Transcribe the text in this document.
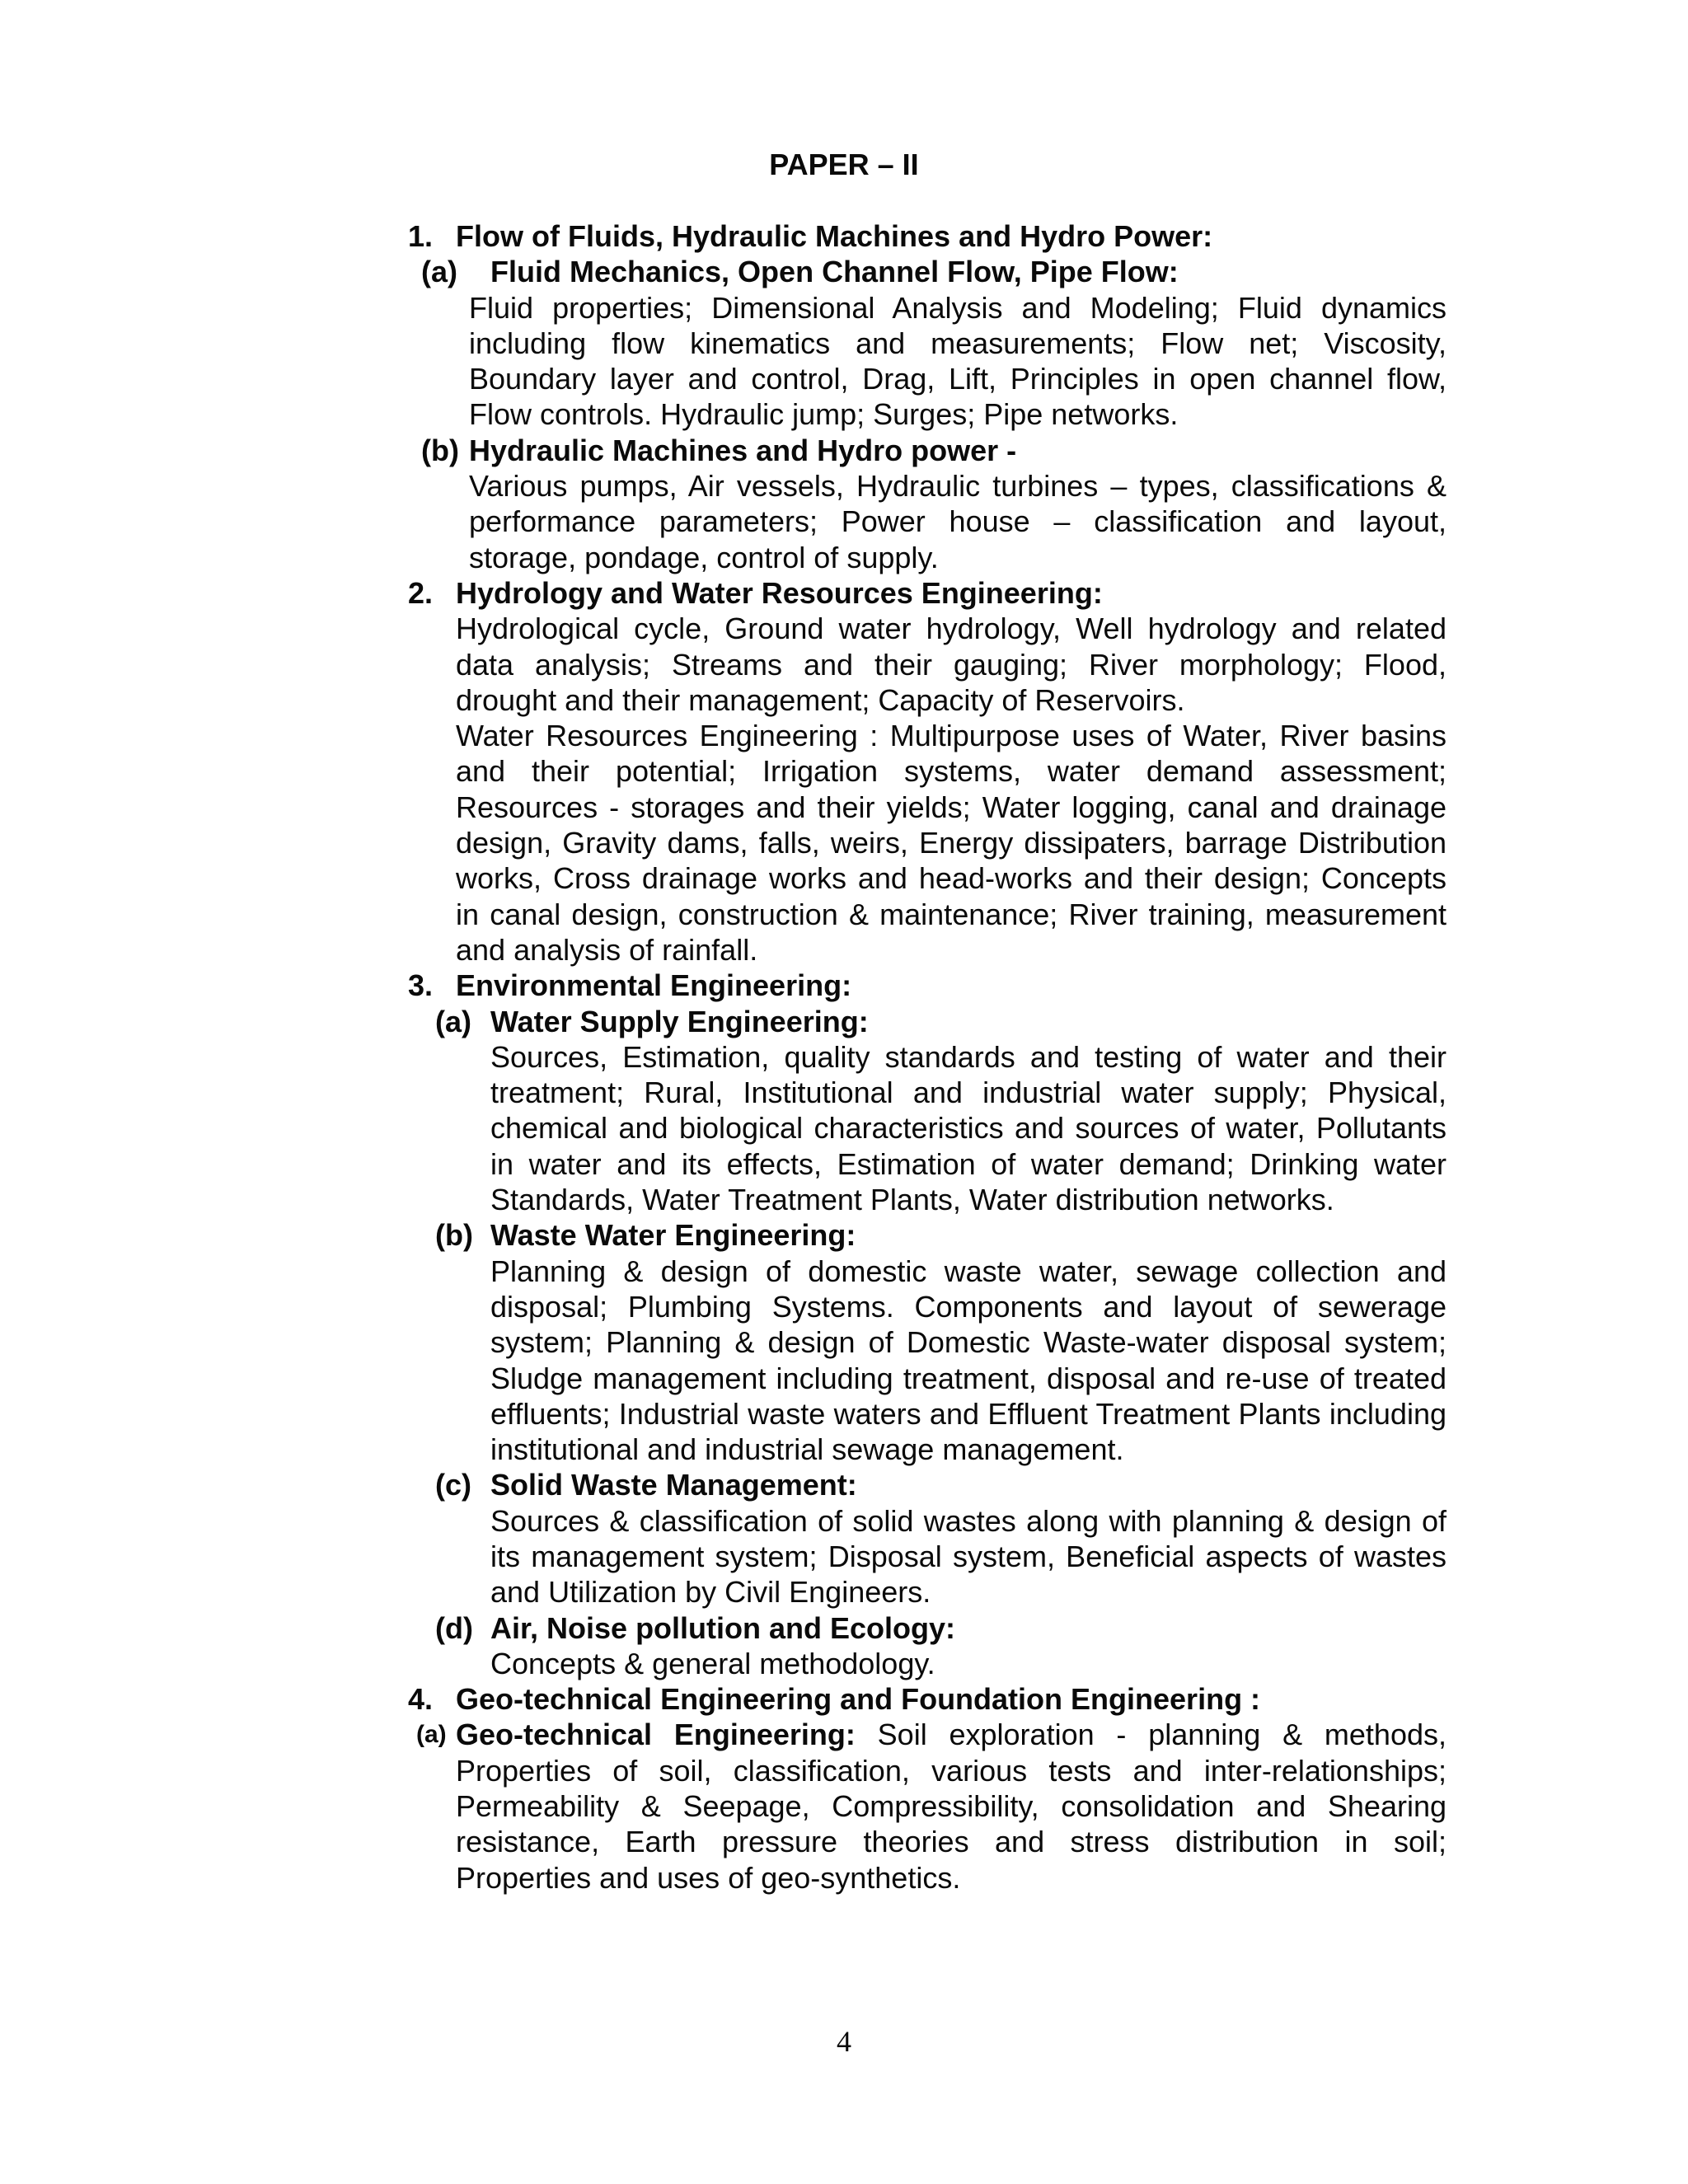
PAPER – II
1. Flow of Fluids, Hydraulic Machines and Hydro Power:
(a)	Fluid Mechanics, Open Channel Flow, Pipe Flow:
Fluid properties; Dimensional Analysis and Modeling; Fluid dynamics including flow kinematics and measurements; Flow net; Viscosity, Boundary layer and control, Drag, Lift, Principles in open channel flow, Flow controls. Hydraulic jump; Surges; Pipe networks.
(b) Hydraulic Machines and Hydro power -
Various pumps, Air vessels, Hydraulic turbines – types, classifications & performance parameters; Power house – classification and layout, storage, pondage, control of supply.
2. Hydrology and Water Resources Engineering:
Hydrological cycle, Ground water hydrology, Well hydrology and related data analysis; Streams and their gauging; River morphology; Flood, drought and their management; Capacity of Reservoirs.
Water Resources Engineering : Multipurpose uses of Water, River basins and their potential; Irrigation systems, water demand assessment; Resources - storages and their yields; Water logging, canal and drainage design, Gravity dams, falls, weirs, Energy dissipaters, barrage Distribution works, Cross drainage works and head-works and their design; Concepts in canal design, construction & maintenance; River training, measurement and analysis of rainfall.
3. Environmental Engineering:
(a) Water Supply Engineering:
Sources, Estimation, quality standards and testing of water and their treatment; Rural, Institutional and industrial water supply; Physical, chemical and biological characteristics and sources of water, Pollutants in water and its effects, Estimation of water demand; Drinking water Standards, Water Treatment Plants, Water distribution networks.
(b) Waste Water Engineering:
Planning & design of domestic waste water, sewage collection and disposal; Plumbing Systems. Components and layout of sewerage system; Planning & design of Domestic Waste-water disposal system; Sludge management including treatment, disposal and re-use of treated effluents; Industrial waste waters and Effluent Treatment Plants including institutional and industrial sewage management.
(c) Solid Waste Management:
Sources & classification of solid wastes along with planning & design of its management system; Disposal system, Beneficial aspects of wastes and Utilization by Civil Engineers.
(d) Air, Noise pollution and Ecology:
Concepts & general methodology.
4. Geo-technical Engineering and Foundation Engineering :
(a) Geo-technical Engineering: Soil exploration - planning & methods, Properties of soil, classification, various tests and inter-relationships; Permeability & Seepage, Compressibility, consolidation and Shearing resistance, Earth pressure theories and stress distribution in soil; Properties and uses of geo-synthetics.
4
